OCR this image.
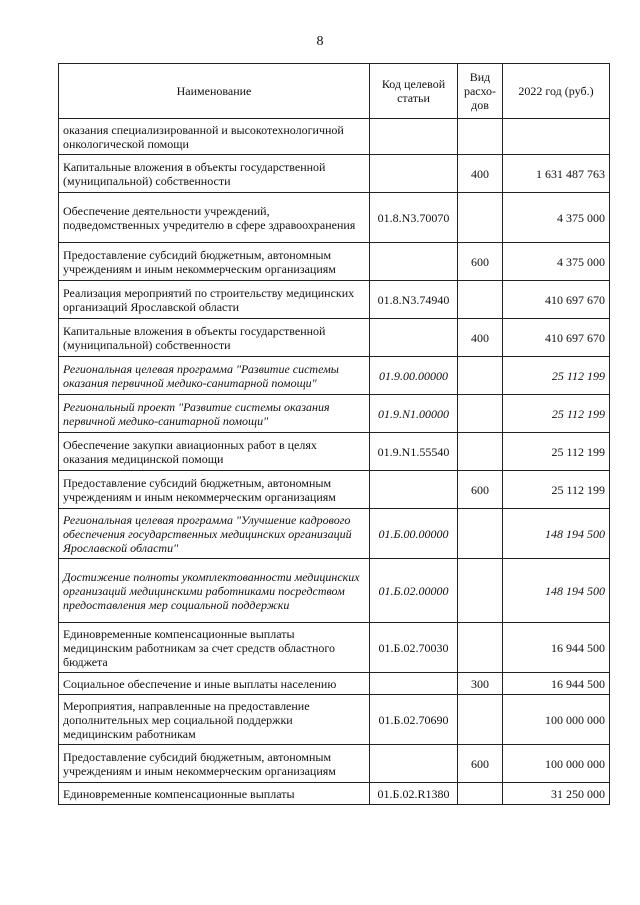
8
Наименование	Код целевой статьи	Вид расхо-дов	2022 год (руб.)
оказания специализированной и высокотехнологичной онкологической помощи			
Капитальные вложения в объекты государственной (муниципальной) собственности		400	1 631 487 763
Обеспечение деятельности учреждений, подведомственных учредителю в сфере здравоохранения	01.8.N3.70070		4 375 000
Предоставление субсидий бюджетным, автономным учреждениям и иным некоммерческим организациям		600	4 375 000
Реализация мероприятий по строительству медицинских организаций Ярославской области	01.8.N3.74940		410 697 670
Капитальные вложения в объекты государственной (муниципальной) собственности		400	410 697 670
Региональная целевая программа "Развитие системы оказания первичной медико-санитарной помощи"	01.9.00.00000		25 112 199
Региональный проект "Развитие системы оказания первичной медико-санитарной помощи"	01.9.N1.00000		25 112 199
Обеспечение закупки авиационных работ в целях оказания медицинской помощи	01.9.N1.55540		25 112 199
Предоставление субсидий бюджетным, автономным учреждениям и иным некоммерческим организациям		600	25 112 199
Региональная целевая программа "Улучшение кадрового обеспечения государственных медицинских организаций Ярославской области"	01.Б.00.00000		148 194 500
Достижение полноты укомплектованности медицинских организаций медицинскими работниками посредством предоставления мер социальной поддержки	01.Б.02.00000		148 194 500
Единовременные компенсационные выплаты медицинским работникам за счет средств областного бюджета	01.Б.02.70030		16 944 500
Социальное обеспечение и иные выплаты населению		300	16 944 500
Мероприятия, направленные на предоставление дополнительных мер социальной поддержки медицинским работникам	01.Б.02.70690		100 000 000
Предоставление субсидий бюджетным, автономным учреждениям и иным некоммерческим организациям		600	100 000 000
Единовременные компенсационные выплаты	01.Б.02.R1380		31 250 000
